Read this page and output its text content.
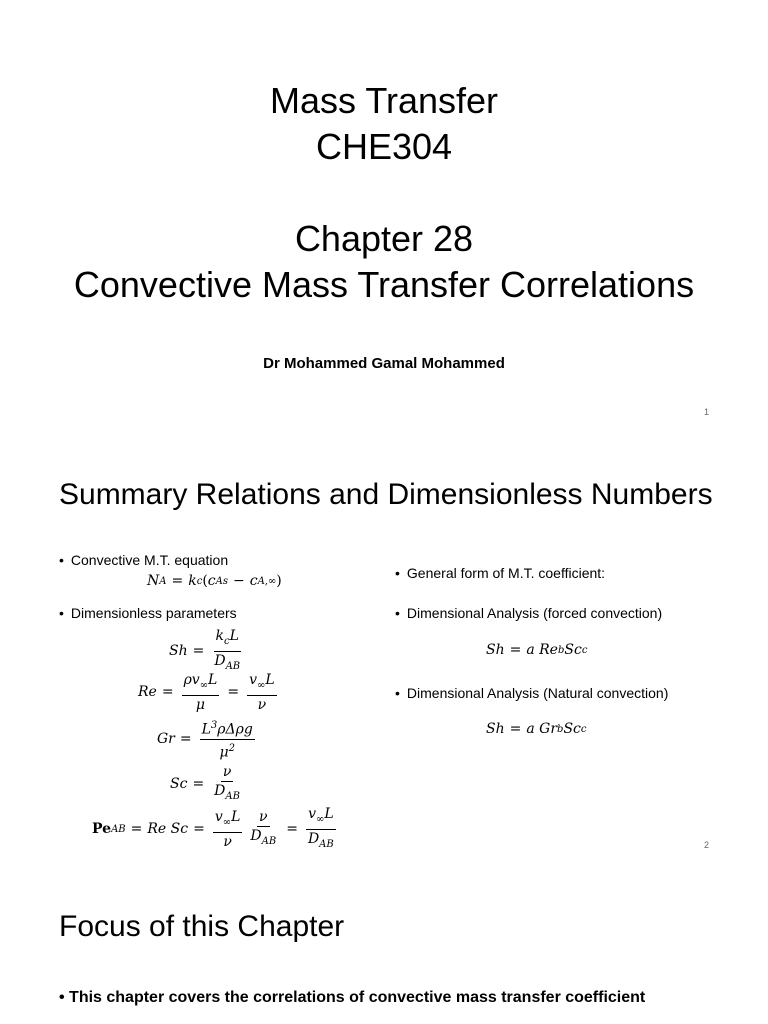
Mass Transfer
CHE304
Chapter 28
Convective Mass Transfer Correlations
Dr Mohammed Gamal Mohammed
1
Summary Relations and Dimensionless Numbers
• Convective M.T. equation
N A = k c ( c As − c A,∞ )
• Dimensionless parameters
$Sh = \frac{k_cL}{D_{AB}}$
$Re = \frac{\rho v_\infty L}{\mu} = \frac{v_\infty L}{\nu}$
$Gr = \frac{L^3\rho\Delta\rho g}{\mu^2}$
$Sc = \frac{\nu}{D_{AB}}$
Pe AB = Re $Sc = \frac{v_\infty L}{\nu} \frac{\nu}{D_{AB}} = \frac{v_\infty L}{D_{AB}}$
• General form of M.T. coefficient:
• Dimensional Analysis (forced convection)
Sh = a Re b Sc c
• Dimensional Analysis (Natural convection)
Sh = a Gr b Sc c
2
Focus of this Chapter
• This chapter covers the correlations of convective mass transfer coefficient
